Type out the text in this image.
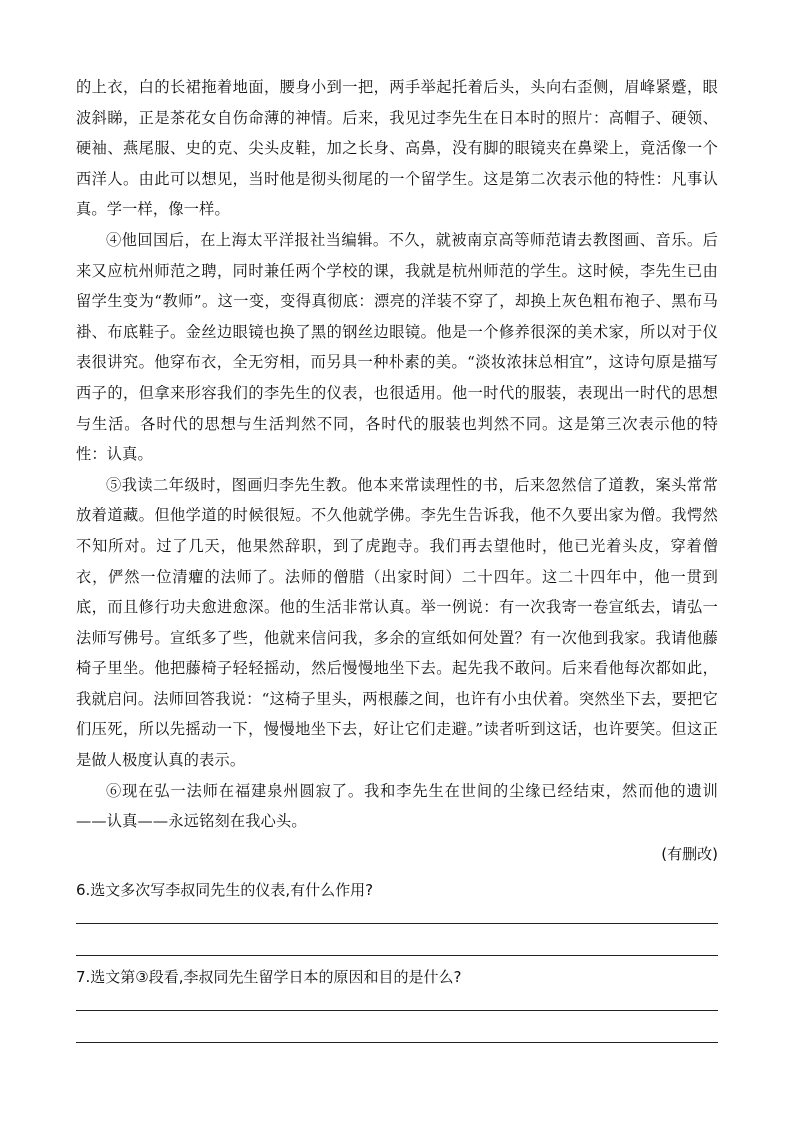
的上衣，白的长裙拖着地面，腰身小到一把，两手举起托着后头，头向右歪侧，眉峰紧蹙，眼波斜睇，正是茶花女自伤命薄的神情。后来，我见过李先生在日本时的照片：高帽子、硬领、硬袖、燕尾服、史的克、尖头皮鞋，加之长身、高鼻，没有脚的眼镜夹在鼻梁上，竟活像一个西洋人。由此可以想见，当时他是彻头彻尾的一个留学生。这是第二次表示他的特性：凡事认真。学一样，像一样。

④他回国后，在上海太平洋报社当编辑。不久，就被南京高等师范请去教图画、音乐。后来又应杭州师范之聘，同时兼任两个学校的课，我就是杭州师范的学生。这时候，李先生已由留学生变为“教师”。这一变，变得真彻底：漂亮的洋装不穿了，却换上灰色粗布袍子、黑布马褂、布底鞋子。金丝边眼镜也换了黑的钢丝边眼镜。他是一个修养很深的美术家，所以对于仪表很讲究。他穿布衣，全无穷相，而另具一种朴素的美。“淡妆浓抹总相宜”，这诗句原是描写西子的，但拿来形容我们的李先生的仪表，也很适用。他一时代的服装，表现出一时代的思想与生活。各时代的思想与生活判然不同，各时代的服装也判然不同。这是第三次表示他的特性：认真。

⑤我读二年级时，图画归李先生教。他本来常读理性的书，后来忽然信了道教，案头常常放着道藏。但他学道的时候很短。不久他就学佛。李先生告诉我，他不久要出家为僧。我愕然不知所对。过了几天，他果然辞职，到了虎跑寺。我们再去望他时，他已光着头皮，穿着僧衣，俨然一位清癯的法师了。法师的僧腊（出家时间）二十四年。这二十四年中，他一贯到底，而且修行功夫愈进愈深。他的生活非常认真。举一例说：有一次我寄一卷宣纸去，请弘一法师写佛号。宣纸多了些，他就来信问我，多余的宣纸如何处置？有一次他到我家。我请他藤椅子里坐。他把藤椅子轻轻摇动，然后慢慢地坐下去。起先我不敢问。后来看他每次都如此，我就启问。法师回答我说：“这椅子里头，两根藤之间，也许有小虫伏着。突然坐下去，要把它们压死，所以先摇动一下，慢慢地坐下去，好让它们走避。”读者听到这话，也许要笑。但这正是做人极度认真的表示。

⑥现在弘一法师在福建泉州圆寂了。我和李先生在世间的尘缘已经结束，然而他的遗训——认真——永远铭刻在我心头。

(有删改)

6.选文多次写李叔同先生的仪表,有什么作用?

7.选文第③段看,李叔同先生留学日本的原因和目的是什么?
